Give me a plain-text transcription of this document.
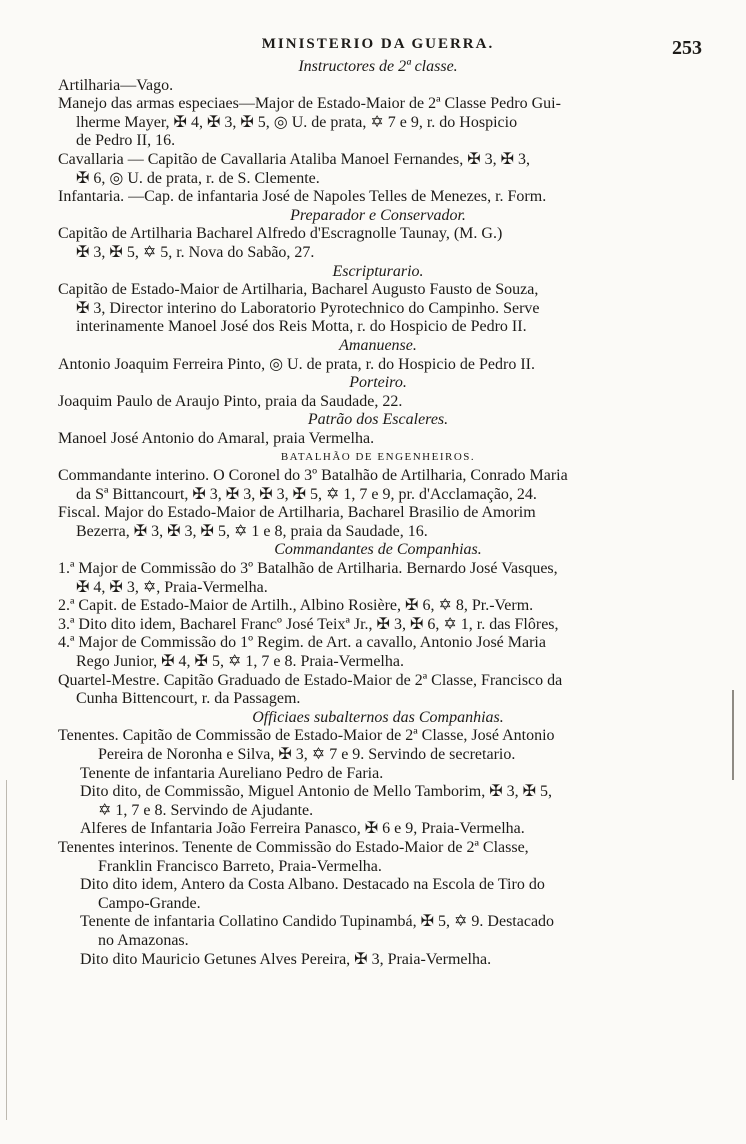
MINISTERIO DA GUERRA.	253
Instructores de 2ª classe.
Artilharia—Vago.
Manejo das armas especiaes—Major de Estado-Maior de 2ª Classe Pedro Gui-
lherme Mayer, ✠ 4, ✠ 3, ✠ 5, ◎ U. de prata, ✡ 7 e 9, r. do Hospicio
de Pedro II, 16.
Cavallaria — Capitão de Cavallaria Ataliba Manoel Fernandes, ✠ 3, ✠ 3,
✠ 6, ◎ U. de prata, r. de S. Clemente.
Infantaria. —Cap. de infantaria José de Napoles Telles de Menezes, r. Form.
Preparador e Conservador.
Capitão de Artilharia Bacharel Alfredo d'Escragnolle Taunay, (M. G.)
✠ 3, ✠ 5, ✡ 5, r. Nova do Sabão, 27.
Escripturario.
Capitão de Estado-Maior de Artilharia, Bacharel Augusto Fausto de Souza,
✠ 3, Director interino do Laboratorio Pyrotechnico do Campinho. Serve
interinamente Manoel José dos Reis Motta, r. do Hospicio de Pedro II.
Amanuense.
Antonio Joaquim Ferreira Pinto, ◎ U. de prata, r. do Hospicio de Pedro II.
Porteiro.
Joaquim Paulo de Araujo Pinto, praia da Saudade, 22.
Patrão dos Escaleres.
Manoel José Antonio do Amaral, praia Vermelha.
BATALHÃO DE ENGENHEIROS.
Commandante interino. O Coronel do 3º Batalhão de Artilharia, Conrado Maria
da Sª Bittancourt, ✠ 3, ✠ 3, ✠ 3, ✠ 5, ✡ 1, 7 e 9, pr. d'Acclamação, 24.
Fiscal. Major do Estado-Maior de Artilharia, Bacharel Brasilio de Amorim
Bezerra, ✠ 3, ✠ 3, ✠ 5, ✡ 1 e 8, praia da Saudade, 16.
Commandantes de Companhias.
1.ª Major de Commissão do 3º Batalhão de Artilharia. Bernardo José Vasques,
✠ 4, ✠ 3, ✡, Praia-Vermelha.
2.ª Capit. de Estado-Maior de Artilh., Albino Rosière, ✠ 6, ✡ 8, Pr.-Verm.
3.ª Dito dito idem, Bacharel Francº José Teixª Jr., ✠ 3, ✠ 6, ✡ 1, r. das Flôres,
4.ª Major de Commissão do 1º Regim. de Art. a cavallo, Antonio José Maria
Rego Junior, ✠ 4, ✠ 5, ✡ 1, 7 e 8. Praia-Vermelha.
Quartel-Mestre. Capitão Graduado de Estado-Maior de 2ª Classe, Francisco da
Cunha Bittencourt, r. da Passagem.
Officiaes subalternos das Companhias.
Tenentes. Capitão de Commissão de Estado-Maior de 2ª Classe, José Antonio
Pereira de Noronha e Silva, ✠ 3, ✡ 7 e 9. Servindo de secretario.
Tenente de infantaria Aureliano Pedro de Faria.
Dito dito, de Commissão, Miguel Antonio de Mello Tamborim, ✠ 3, ✠ 5,
✡ 1, 7 e 8. Servindo de Ajudante.
Alferes de Infantaria João Ferreira Panasco, ✠ 6 e 9, Praia-Vermelha.
Tenentes interinos. Tenente de Commissão do Estado-Maior de 2ª Classe,
Franklin Francisco Barreto, Praia-Vermelha.
Dito dito idem, Antero da Costa Albano. Destacado na Escola de Tiro do
Campo-Grande.
Tenente de infantaria Collatino Candido Tupinambá, ✠ 5, ✡ 9. Destacado
no Amazonas.
Dito dito Mauricio Getunes Alves Pereira, ✠ 3, Praia-Vermelha.
